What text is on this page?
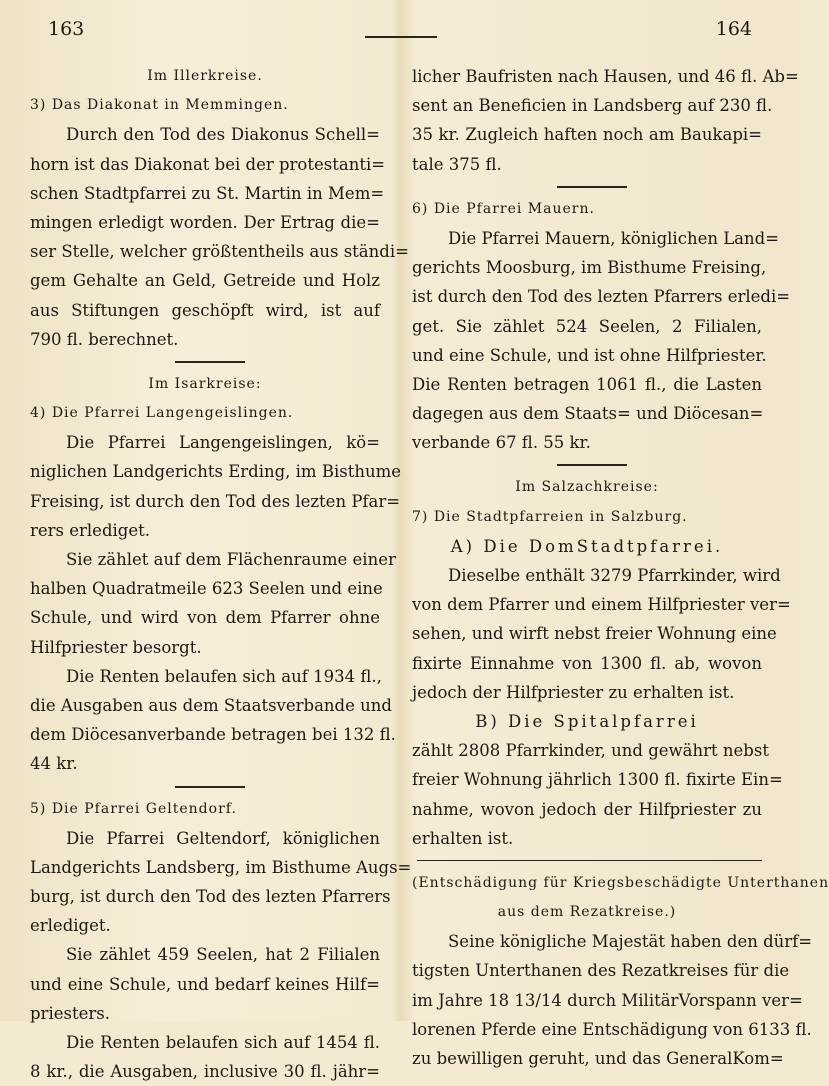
163	164
Im Illerkreise.
3) Das Diakonat in Memmingen.
Durch den Tod des Diakonus Schell=
horn ist das Diakonat bei der protestanti=
schen Stadtpfarrei zu St. Martin in Mem=
mingen erledigt worden. Der Ertrag die=
ser Stelle, welcher größtentheils aus ständi=
gem Gehalte an Geld, Getreide und Holz
aus Stiftungen geschöpft wird, ist auf
790 fl. berechnet.
Im Isarkreise:
4) Die Pfarrei Langengeislingen.
Die Pfarrei Langengeislingen, kö=
niglichen Landgerichts Erding, im Bisthume
Freising, ist durch den Tod des lezten Pfar=
rers erlediget.
Sie zählet auf dem Flächenraume einer
halben Quadratmeile 623 Seelen und eine
Schule, und wird von dem Pfarrer ohne
Hilfpriester besorgt.
Die Renten belaufen sich auf 1934 fl.,
die Ausgaben aus dem Staatsverbande und
dem Diöcesanverbande betragen bei 132 fl.
44 kr.
5) Die Pfarrei Geltendorf.
Die Pfarrei Geltendorf, königlichen
Landgerichts Landsberg, im Bisthume Augs=
burg, ist durch den Tod des lezten Pfarrers
erlediget.
Sie zählet 459 Seelen, hat 2 Filialen
und eine Schule, und bedarf keines Hilf=
priesters.
Die Renten belaufen sich auf 1454 fl.
8 kr., die Ausgaben, inclusive 30 fl. jähr=
licher Baufristen nach Hausen, und 46 fl. Ab=
sent an Beneficien in Landsberg auf 230 fl.
35 kr. Zugleich haften noch am Baukapi=
tale 375 fl.
6) Die Pfarrei Mauern.
Die Pfarrei Mauern, königlichen Land=
gerichts Moosburg, im Bisthume Freising,
ist durch den Tod des lezten Pfarrers erledi=
get. Sie zählet 524 Seelen, 2 Filialen,
und eine Schule, und ist ohne Hilfpriester.
Die Renten betragen 1061 fl., die Lasten
dagegen aus dem Staats= und Diöcesan=
verbande 67 fl. 55 kr.
Im Salzachkreise:
7) Die Stadtpfarreien in Salzburg.
A) Die DomStadtpfarrei.
Dieselbe enthält 3279 Pfarrkinder, wird
von dem Pfarrer und einem Hilfpriester ver=
sehen, und wirft nebst freier Wohnung eine
fixirte Einnahme von 1300 fl. ab, wovon
jedoch der Hilfpriester zu erhalten ist.
B) Die Spitalpfarrei
zählt 2808 Pfarrkinder, und gewährt nebst
freier Wohnung jährlich 1300 fl. fixirte Ein=
nahme, wovon jedoch der Hilfpriester zu
erhalten ist.
(Entschädigung für Kriegsbeschädigte Unterthanen
aus dem Rezatkreise.)
Seine königliche Majestät haben den dürf=
tigsten Unterthanen des Rezatkreises für die
im Jahre 18 13/14 durch MilitärVorspann ver=
lorenen Pferde eine Entschädigung von 6133 fl.
zu bewilligen geruht, und das GeneralKom=
